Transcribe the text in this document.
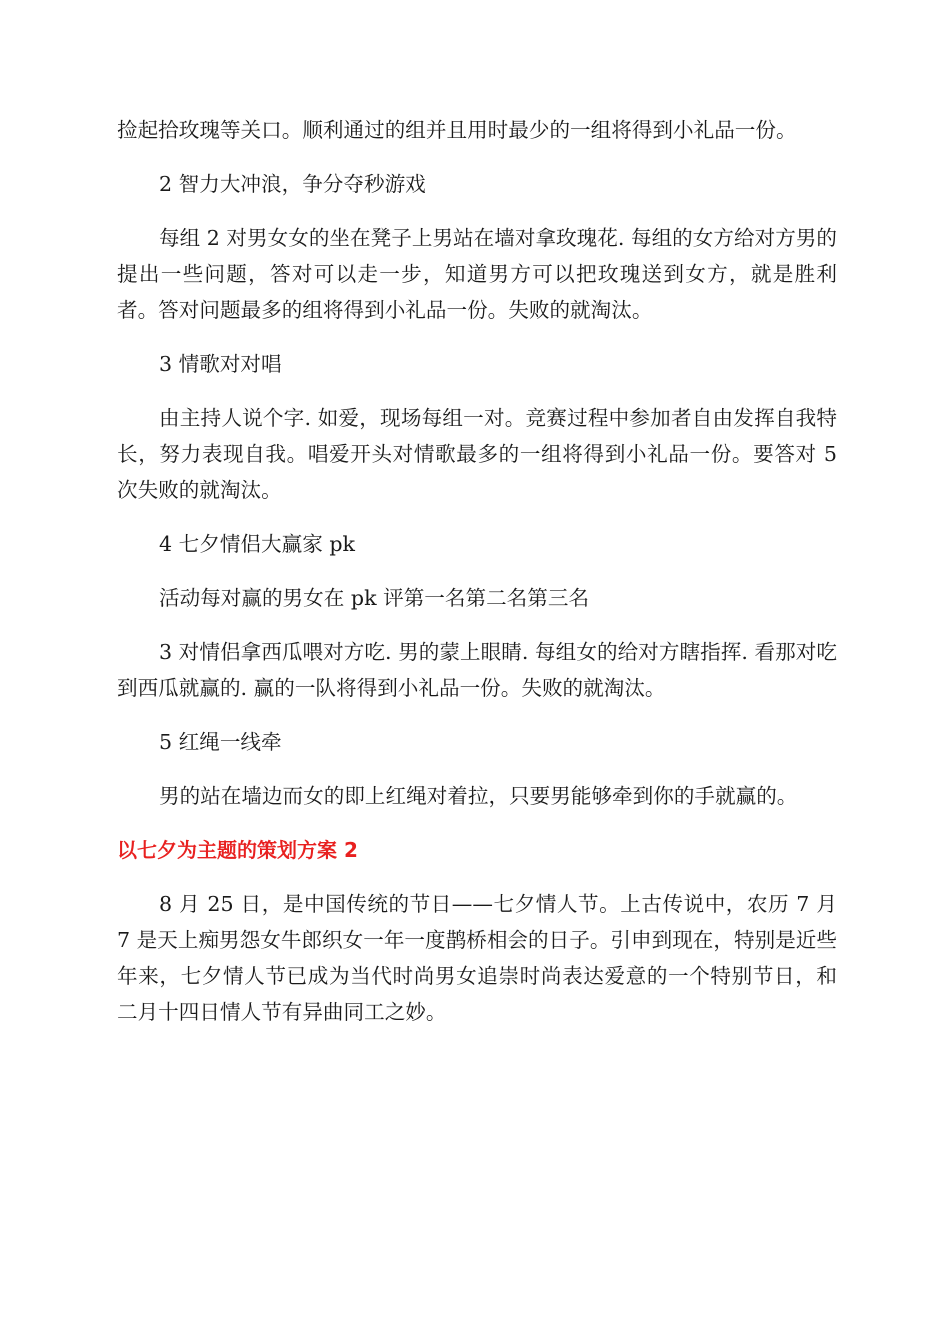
捡起拾玫瑰等关口。顺利通过的组并且用时最少的一组将得到小礼品一份。

2 智力大冲浪，争分夺秒游戏

每组 2 对男女女的坐在凳子上男站在墙对拿玫瑰花. 每组的女方给对方男的提出一些问题，答对可以走一步，知道男方可以把玫瑰送到女方，就是胜利者。答对问题最多的组将得到小礼品一份。失败的就淘汰。

3 情歌对对唱

由主持人说个字. 如爱，现场每组一对。竞赛过程中参加者自由发挥自我特长，努力表现自我。唱爱开头对情歌最多的一组将得到小礼品一份。要答对 5 次失败的就淘汰。

4 七夕情侣大赢家 pk

活动每对赢的男女在 pk 评第一名第二名第三名

3 对情侣拿西瓜喂对方吃. 男的蒙上眼睛. 每组女的给对方瞎指挥. 看那对吃到西瓜就赢的. 赢的一队将得到小礼品一份。失败的就淘汰。

5 红绳一线牵

男的站在墙边而女的即上红绳对着拉，只要男能够牵到你的手就赢的。

以七夕为主题的策划方案 2

8 月 25 日，是中国传统的节日——七夕情人节。上古传说中，农历 7 月 7 是天上痴男怨女牛郎织女一年一度鹊桥相会的日子。引申到现在，特别是近些年来，七夕情人节已成为当代时尚男女追崇时尚表达爱意的一个特别节日，和二月十四日情人节有异曲同工之妙。
